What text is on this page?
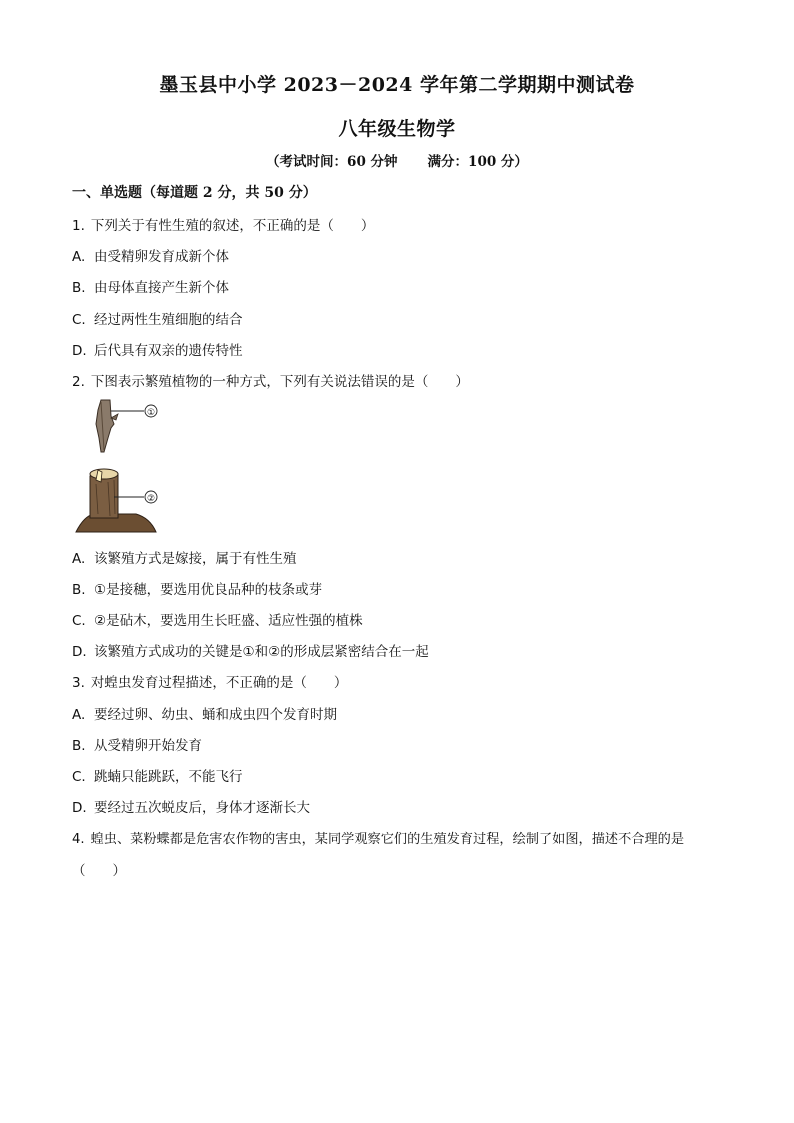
墨玉县中小学 2023－2024 学年第二学期期中测试卷
八年级生物学
（考试时间：60 分钟 满分：100 分）
一、单选题（每道题 2 分，共 50 分）
1. 下列关于有性生殖的叙述，不正确的是（　　）
A. 由受精卵发育成新个体
B. 由母体直接产生新个体
C. 经过两性生殖细胞的结合
D. 后代具有双亲的遗传特性
2. 下图表示繁殖植物的一种方式，下列有关说法错误的是（　　）
①
②
A. 该繁殖方式是嫁接，属于有性生殖
B. ①是接穗，要选用优良品种的枝条或芽
C. ②是砧木，要选用生长旺盛、适应性强的植株
D. 该繁殖方式成功的关键是①和②的形成层紧密结合在一起
3. 对蝗虫发育过程描述，不正确的是（　　）
A. 要经过卵、幼虫、蛹和成虫四个发育时期
B. 从受精卵开始发育
C. 跳蝻只能跳跃，不能飞行
D. 要经过五次蜕皮后，身体才逐渐长大
4. 蝗虫、菜粉蝶都是危害农作物的害虫，某同学观察它们的生殖发育过程，绘制了如图，描述不合理的是
（　　）
